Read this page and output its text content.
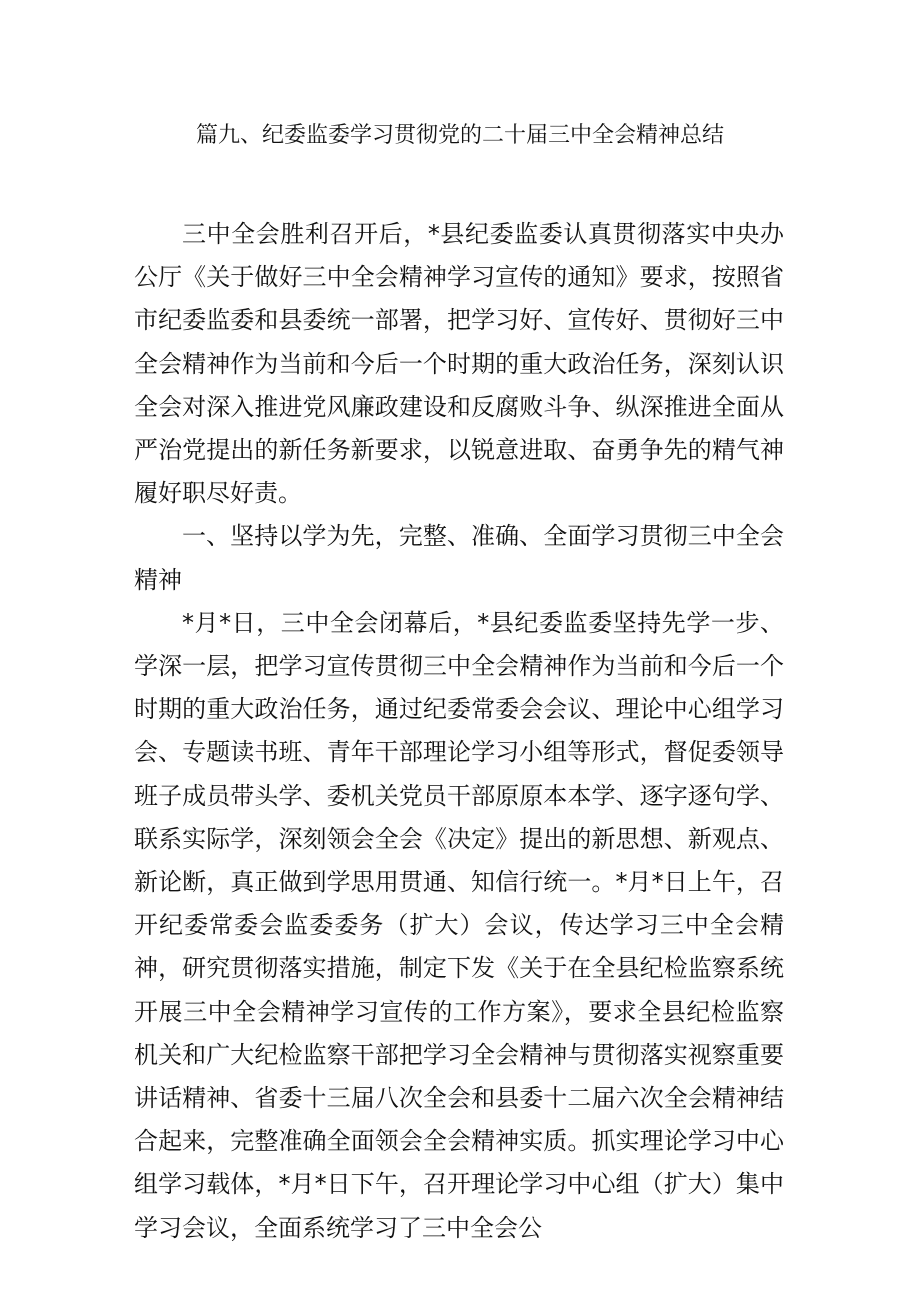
篇九、纪委监委学习贯彻党的二十届三中全会精神总结

三中全会胜利召开后，*县纪委监委认真贯彻落实中央办公厅《关于做好三中全会精神学习宣传的通知》要求，按照省市纪委监委和县委统一部署，把学习好、宣传好、贯彻好三中全会精神作为当前和今后一个时期的重大政治任务，深刻认识全会对深入推进党风廉政建设和反腐败斗争、纵深推进全面从严治党提出的新任务新要求，以锐意进取、奋勇争先的精气神履好职尽好责。

一、坚持以学为先，完整、准确、全面学习贯彻三中全会精神

*月*日，三中全会闭幕后，*县纪委监委坚持先学一步、学深一层，把学习宣传贯彻三中全会精神作为当前和今后一个时期的重大政治任务，通过纪委常委会会议、理论中心组学习会、专题读书班、青年干部理论学习小组等形式，督促委领导班子成员带头学、委机关党员干部原原本本学、逐字逐句学、联系实际学，深刻领会全会《决定》提出的新思想、新观点、新论断，真正做到学思用贯通、知信行统一。*月*日上午，召开纪委常委会监委委务（扩大）会议，传达学习三中全会精神，研究贯彻落实措施，制定下发《关于在全县纪检监察系统开展三中全会精神学习宣传的工作方案》，要求全县纪检监察机关和广大纪检监察干部把学习全会精神与贯彻落实视察重要讲话精神、省委十三届八次全会和县委十二届六次全会精神结合起来，完整准确全面领会全会精神实质。抓实理论学习中心组学习载体，*月*日下午，召开理论学习中心组（扩大）集中学习会议，全面系统学习了三中全会公
